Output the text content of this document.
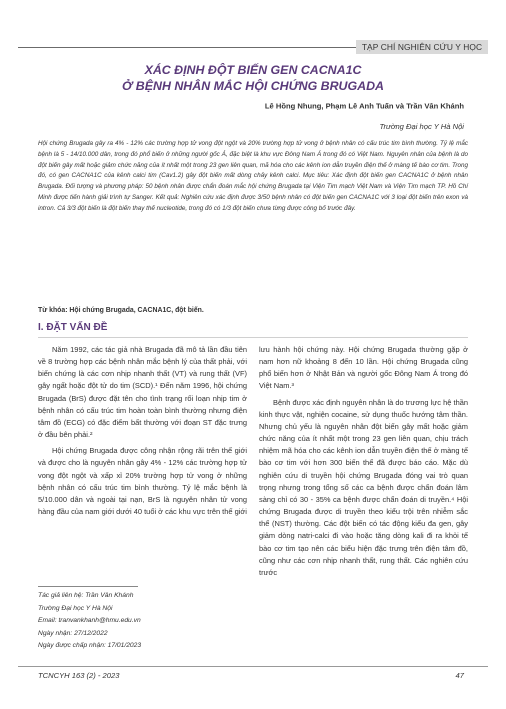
TẠP CHÍ NGHIÊN CỨU Y HỌC
XÁC ĐỊNH ĐỘT BIẾN GEN CACNA1C
Ở BỆNH NHÂN MẮC HỘI CHỨNG BRUGADA
Lê Hồng Nhung, Phạm Lê Anh Tuấn và Trần Vân Khánh
Trường Đại học Y Hà Nội
Hội chứng Brugada gây ra 4% - 12% các trường hợp tử vong đột ngột và 20% trường hợp tử vong ở bệnh nhân có cấu trúc tim bình thường. Tỷ lệ mắc bệnh là 5 - 14/10.000 dân, trong đó phổ biến ở những người gốc Á, đặc biệt là khu vực Đông Nam Á trong đó có Việt Nam. Nguyên nhân của bệnh là do đột biến gây mất hoặc giảm chức năng của ít nhất một trong 23 gen liên quan, mã hóa cho các kênh ion dẫn truyền điện thế ở màng tế bào cơ tim. Trong đó, có gen CACNA1C của kênh calci tim (Cav1.2) gây đột biến mất dòng chảy kênh calci. Mục tiêu: Xác định đột biến gen CACNA1C ở bệnh nhân Brugada. Đối tượng và phương pháp: 50 bệnh nhân được chẩn đoán mắc hội chứng Brugada tại Viện Tim mạch Việt Nam và Viện Tim mạch TP. Hồ Chí Minh được tiến hành giải trình tự Sanger. Kết quả: Nghiên cứu xác định được 3/50 bệnh nhân có đột biến gen CACNA1C với 3 loại đột biến trên exon và intron. Cả 3/3 đột biến là đột biến thay thế nucleotide, trong đó có 1/3 đột biến chưa từng được công bố trước đây.
Từ khóa: Hội chứng Brugada, CACNA1C, đột biến.
I. ĐẶT VẤN ĐỀ

Năm 1992, các tác giả nhà Brugada đã mô tả lần đầu tiên về 8 trường hợp các bệnh nhân mắc bệnh lý của thất phải, với biến chứng là các cơn nhịp nhanh thất (VT) và rung thất (VF) gây ngất hoặc đột tử do tim (SCD).¹ Đến năm 1996, hội chứng Brugada (BrS) được đặt tên cho tình trạng rối loạn nhịp tim ở bệnh nhân có cấu trúc tim hoàn toàn bình thường nhưng điện tâm đồ (ECG) có đặc điểm bất thường với đoạn ST đặc trưng ở đầu bên phải.²

Hội chứng Brugada được công nhận rộng rãi trên thế giới và được cho là nguyên nhân gây 4% - 12% các trường hợp tử vong đột ngột và xấp xỉ 20% trường hợp tử vong ở những bệnh nhân có cấu trúc tim bình thường. Tỷ lệ mắc bệnh là 5/10.000 dân và ngoài tại nạn, BrS là nguyên nhân tử vong hàng đầu của nam giới dưới 40 tuổi ở các khu vực trên thế giới

lưu hành hội chứng này. Hội chứng Brugada thường gặp ở nam hơn nữ khoảng 8 đến 10 lần. Hội chứng Brugada cũng phổ biến hơn ở Nhật Bản và người gốc Đông Nam Á trong đó Việt Nam.³

Bệnh được xác định nguyên nhân là do trương lực hệ thần kinh thực vật, nghiện cocaine, sử dụng thuốc hướng tâm thần. Nhưng chủ yếu là nguyên nhân đột biến gây mất hoặc giảm chức năng của ít nhất một trong 23 gen liên quan, chịu trách nhiệm mã hóa cho các kênh ion dẫn truyền điện thế ở màng tế bào cơ tim với hơn 300 biến thể đã được báo cáo. Mặc dù nghiên cứu di truyền hội chứng Brugada đóng vai trò quan trọng nhưng trong tổng số các ca bệnh được chẩn đoán lâm sàng chỉ có 30 - 35% ca bệnh được chẩn đoán di truyền.⁴ Hội chứng Brugada được di truyền theo kiểu trội trên nhiễm sắc thể (NST) thường. Các đột biến có tác động kiểu đa gen, gây giảm dòng natri-calci đi vào hoặc tăng dòng kali đi ra khỏi tế bào cơ tim tạo nên các biểu hiện đặc trưng trên điện tâm đồ, cũng như các cơn nhịp nhanh thất, rung thất. Các nghiên cứu trước

Tác giả liên hệ: Trần Vân Khánh
Trường Đại học Y Hà Nội
Email: tranvankhanh@hmu.edu.vn
Ngày nhận: 27/12/2022
Ngày được chấp nhận: 17/01/2023
TCNCYH 163 (2) - 2023	47
